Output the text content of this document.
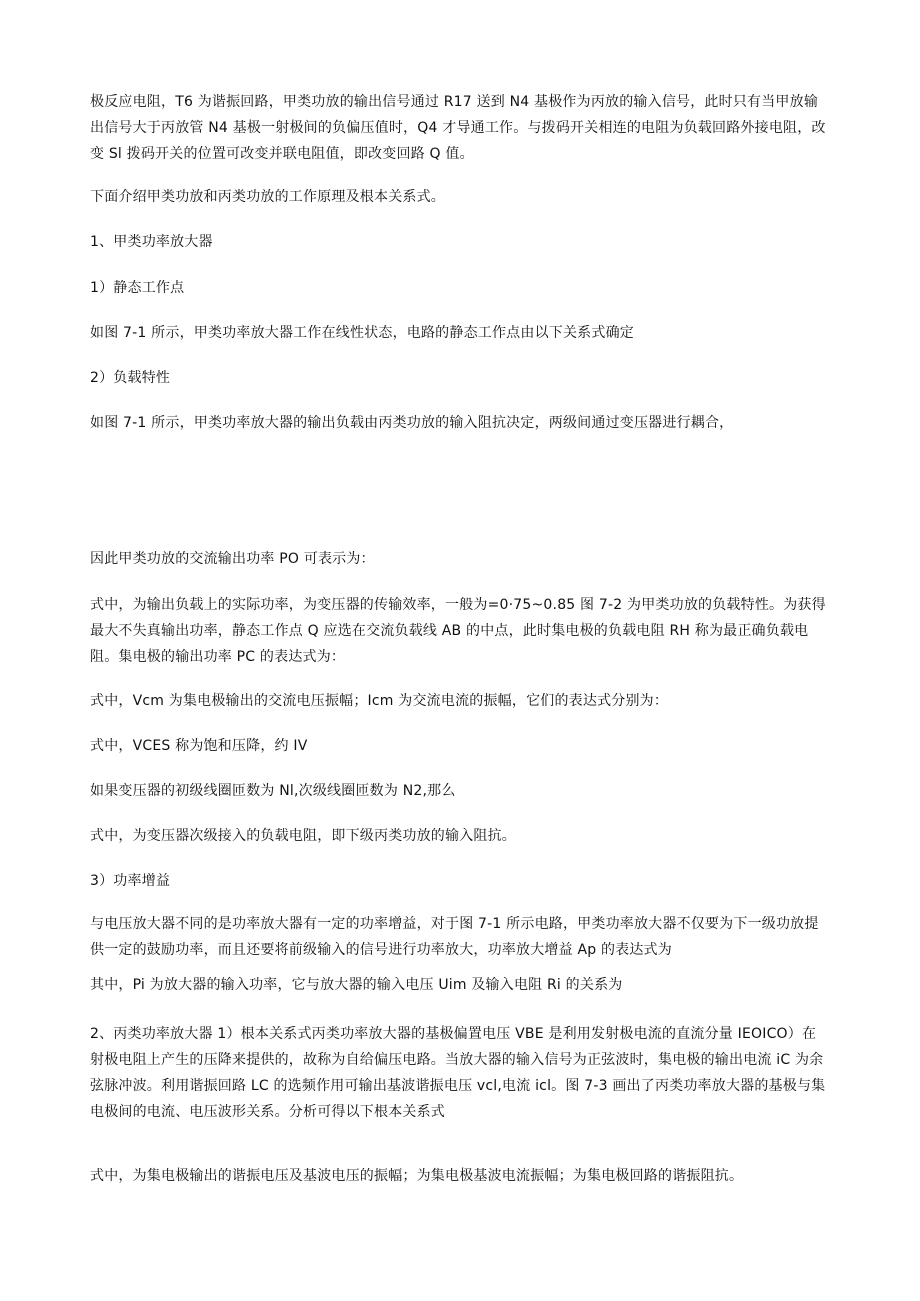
极反应电阻，T6 为谐振回路，甲类功放的输出信号通过 R17 送到 N4 基极作为丙放的输入信号，此时只有当甲放输出信号大于丙放管 N4 基极一射极间的负偏压值时，Q4 才导通工作。与拨码开关相连的电阻为负载回路外接电阻，改变 Sl 拨码开关的位置可改变并联电阻值，即改变回路 Q 值。

下面介绍甲类功放和丙类功放的工作原理及根本关系式。

1、甲类功率放大器

1）静态工作点

如图 7-1 所示，甲类功率放大器工作在线性状态，电路的静态工作点由以下关系式确定

2）负载特性

如图 7-1 所示，甲类功率放大器的输出负载由丙类功放的输入阻抗决定，两级间通过变压器进行耦合，

因此甲类功放的交流输出功率 PO 可表示为：

式中，为输出负载上的实际功率，为变压器的传输效率，一般为=0·75~0.85 图 7-2 为甲类功放的负载特性。为获得最大不失真输出功率，静态工作点 Q 应选在交流负载线 AB 的中点，此时集电极的负载电阻 RH 称为最正确负载电阻。集电极的输出功率 PC 的表达式为：

式中，Vcm 为集电极输出的交流电压振幅；Icm 为交流电流的振幅，它们的表达式分别为：

式中，VCES 称为饱和压降，约 IV

如果变压器的初级线圈匝数为 Nl,次级线圈匝数为 N2,那么

式中，为变压器次级接入的负载电阻，即下级丙类功放的输入阻抗。

3）功率增益

与电压放大器不同的是功率放大器有一定的功率增益，对于图 7-1 所示电路，甲类功率放大器不仅要为下一级功放提供一定的鼓励功率，而且还要将前级输入的信号进行功率放大，功率放大增益 Ap 的表达式为

其中，Pi 为放大器的输入功率，它与放大器的输入电压 Uim 及输入电阻 Ri 的关系为

2、丙类功率放大器 1）根本关系式丙类功率放大器的基极偏置电压 VBE 是利用发射极电流的直流分量 IEOICO）在射极电阻上产生的压降来提供的，故称为自给偏压电路。当放大器的输入信号为正弦波时，集电极的输出电流 iC 为余弦脉冲波。利用谐振回路 LC 的选频作用可输出基波谐振电压 vcl,电流 icl。图 7-3 画出了丙类功率放大器的基极与集电极间的电流、电压波形关系。分析可得以下根本关系式

式中，为集电极输出的谐振电压及基波电压的振幅；为集电极基波电流振幅；为集电极回路的谐振阻抗。
